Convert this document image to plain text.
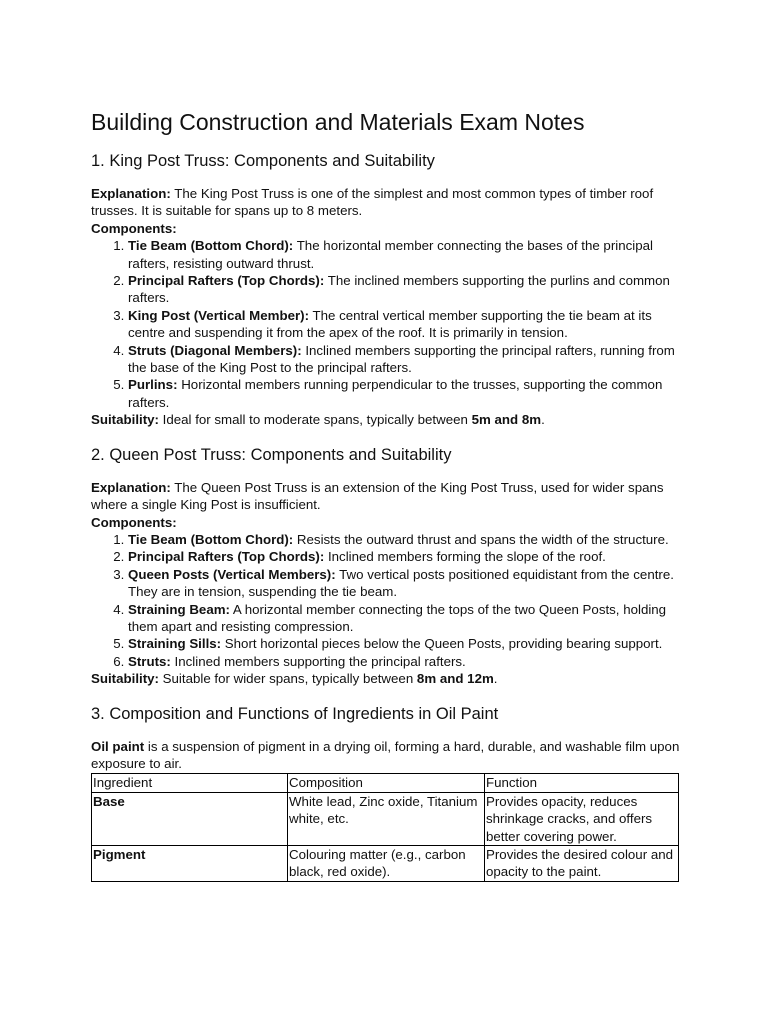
Building Construction and Materials Exam Notes
1. King Post Truss: Components and Suitability

Explanation: The King Post Truss is one of the simplest and most common types of timber roof trusses. It is suitable for spans up to 8 meters.

Components:

1. Tie Beam (Bottom Chord): The horizontal member connecting the bases of the principal rafters, resisting outward thrust.
2. Principal Rafters (Top Chords): The inclined members supporting the purlins and common rafters.
3. King Post (Vertical Member): The central vertical member supporting the tie beam at its centre and suspending it from the apex of the roof. It is primarily in tension.
4. Struts (Diagonal Members): Inclined members supporting the principal rafters, running from the base of the King Post to the principal rafters.
5. Purlins: Horizontal members running perpendicular to the trusses, supporting the common rafters.

Suitability: Ideal for small to moderate spans, typically between 5m and 8m.

2. Queen Post Truss: Components and Suitability

Explanation: The Queen Post Truss is an extension of the King Post Truss, used for wider spans where a single King Post is insufficient.

Components:

1. Tie Beam (Bottom Chord): Resists the outward thrust and spans the width of the structure.
2. Principal Rafters (Top Chords): Inclined members forming the slope of the roof.
3. Queen Posts (Vertical Members): Two vertical posts positioned equidistant from the centre. They are in tension, suspending the tie beam.
4. Straining Beam: A horizontal member connecting the tops of the two Queen Posts, holding them apart and resisting compression.
5. Straining Sills: Short horizontal pieces below the Queen Posts, providing bearing support.
6. Struts: Inclined members supporting the principal rafters.

Suitability: Suitable for wider spans, typically between 8m and 12m.

3. Composition and Functions of Ingredients in Oil Paint

Oil paint is a suspension of pigment in a drying oil, forming a hard, durable, and washable film upon exposure to air.

Ingredient	Composition	Function
Base	White lead, Zinc oxide, Titanium white, etc.	Provides opacity, reduces shrinkage cracks, and offers better covering power.
Pigment	Colouring matter (e.g., carbon black, red oxide).	Provides the desired colour and opacity to the paint.
